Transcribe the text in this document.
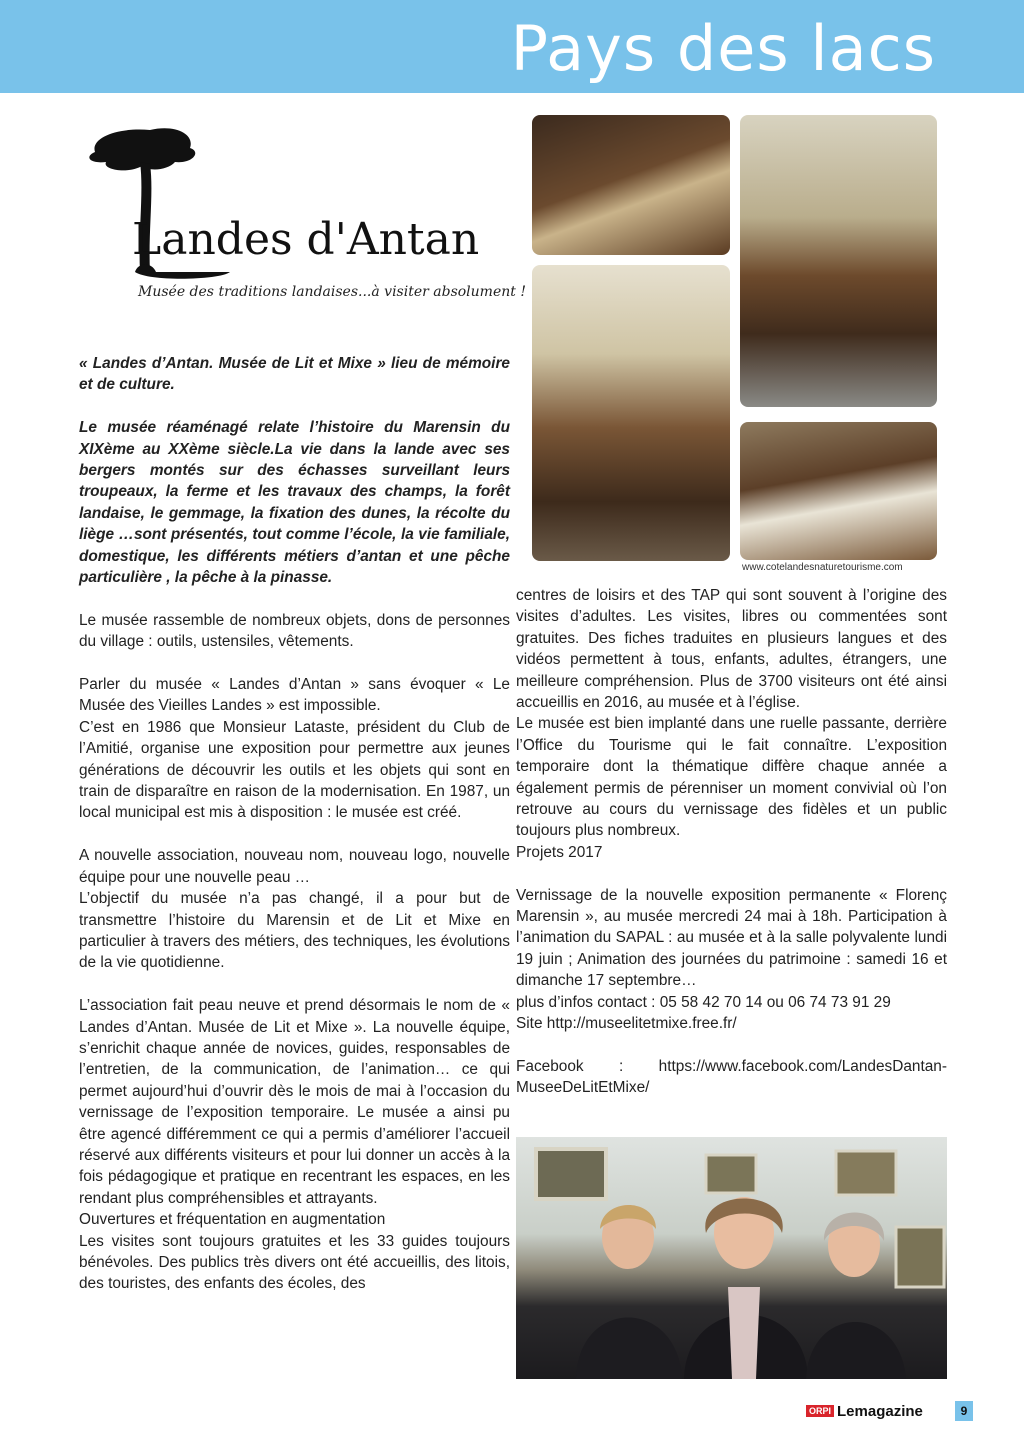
Pays des lacs
Landes d'Antan
Musée des traditions landaises...à visiter absolument !

« Landes d’Antan. Musée de Lit et Mixe » lieu de mémoire et de culture.

Le musée réaménagé relate l’histoire du Marensin du XIXème au XXème siècle.La vie dans la lande avec ses bergers montés sur des échasses surveillant leurs troupeaux, la ferme et les travaux des champs, la forêt landaise, le gemmage, la fixation des dunes, la récolte du liège …sont présentés, tout comme l’école, la vie familiale, domestique, les différents métiers d’antan et une pêche particulière , la pêche à la pinasse.

Le musée rassemble de nombreux objets, dons de personnes du village : outils, ustensiles, vêtements.

Parler du musée « Landes d’Antan » sans évoquer « Le Musée des Vieilles Landes » est impossible.

C’est en 1986 que Monsieur Lataste, président du Club de l’Amitié, organise une exposition pour permettre aux jeunes générations de découvrir les outils et les objets qui sont en train de disparaître en raison de la modernisation. En 1987, un local municipal est mis à disposition : le musée est créé.

A nouvelle association, nouveau nom, nouveau logo, nouvelle équipe pour une nouvelle peau …

L’objectif du musée n’a pas changé, il a pour but de transmettre l’histoire du Marensin et de Lit et Mixe en particulier à travers des métiers, des techniques, les évolutions de la vie quotidienne.

L’association fait peau neuve et prend désormais le nom de « Landes d’Antan. Musée de Lit et Mixe ». La nouvelle équipe, s’enrichit chaque année de novices, guides, responsables de l’entretien, de la communication, de l’animation… ce qui permet aujourd’hui d’ouvrir dès le mois de mai à l’occasion du vernissage de l’exposition temporaire. Le musée a ainsi pu être agencé différemment ce qui a permis d’améliorer l’accueil réservé aux différents visiteurs et pour lui donner un accès à la fois pédagogique et pratique en recentrant les espaces, en les rendant plus compréhensibles et attrayants.

Ouvertures et fréquentation en augmentation

Les visites sont toujours gratuites et les 33 guides toujours bénévoles. Des publics très divers ont été accueillis, des litois, des touristes, des enfants des écoles, des

www.cotelandesnaturetourisme.com

centres de loisirs et des TAP qui sont souvent à l’origine des visites d’adultes. Les visites, libres ou commentées sont gratuites. Des fiches traduites en plusieurs langues et des vidéos permettent à tous, enfants, adultes, étrangers, une meilleure compréhension. Plus de 3700 visiteurs ont été ainsi accueillis en 2016, au musée et à l’église.

Le musée est bien implanté dans une ruelle passante, derrière l’Office du Tourisme qui le fait connaître. L’exposition temporaire dont la thématique diffère chaque année a également permis de pérenniser un moment convivial où l’on retrouve au cours du vernissage des fidèles et un public toujours plus nombreux.

Projets 2017

Vernissage de la nouvelle exposition permanente « Florenç Marensin », au musée mercredi 24 mai à 18h. Participation à l’animation du SAPAL : au musée et à la salle polyvalente lundi 19 juin ; Animation des journées du patrimoine : samedi 16 et dimanche 17 septembre…

plus d’infos contact : 05 58 42 70 14 ou 06 74 73 91 29

Site http://museelitetmixe.free.fr/

Facebook : https://www.facebook.com/LandesDantan-MuseeDeLitEtMixe/

ORPI Lemagazine	9
